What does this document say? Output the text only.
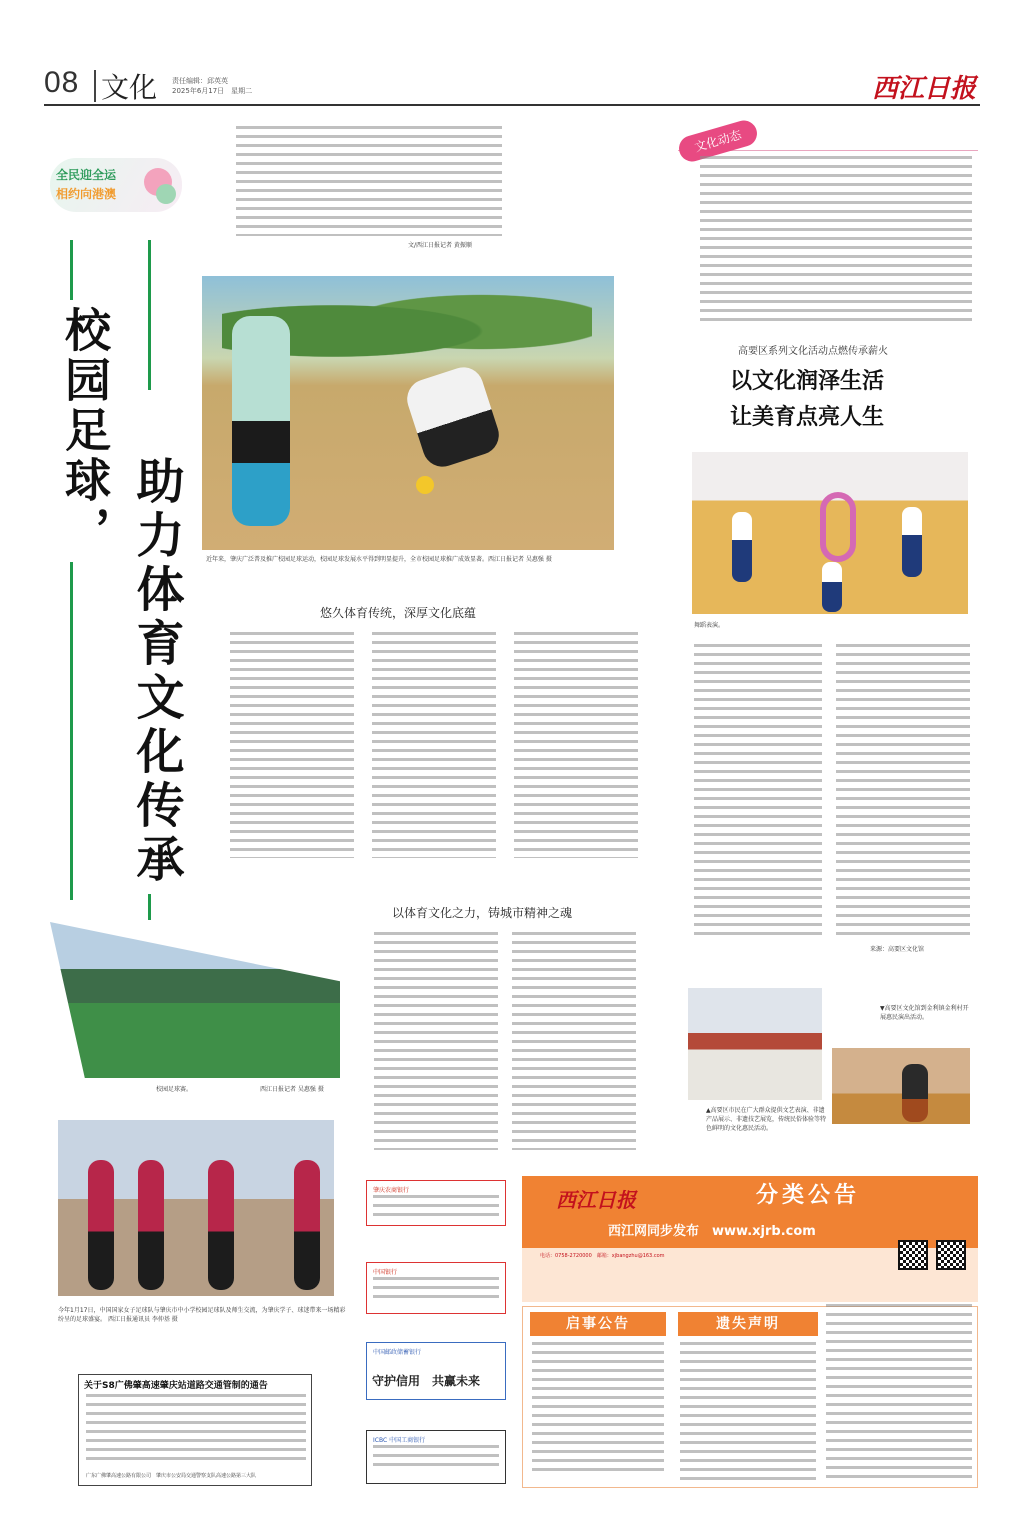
08 文化 责任编辑：邱英英
2025年6月17日　星期二	西江日报
全民迎全运
相约向港澳
校园足球，
助力体育文化传承
文/西江日报记者 黄振顺
近年来，肇庆广泛普及推广校园足球运动，校园足球发展水平得到明显提升，全市校园足球推广成效显著。西江日报记者 吴惠强 摄
悠久体育传统，深厚文化底蕴
以体育文化之力，铸城市精神之魂
校园足球赛。	西江日报记者 吴惠强 摄
今年1月17日，中国国家女子足球队与肇庆市中小学校园足球队及师生交流，为肇庆学子、球迷带来一场精彩纷呈的足球盛宴。 西江日报通讯员 李仲基 摄
关于S8广佛肇高速肇庆站道路交通管制的通告
广东广佛肇高速公路有限公司　肇庆市公安局交通警察支队高速公路第三大队
文化动态
高要区系列文化活动点燃传承薪火
以文化润泽生活
让美育点亮人生
舞蹈表演。
来源：高要区文化馆
▼高要区文化馆到金利镇金利村开展惠民演出活动。
▲高要区市民在广大群众提供文艺表演、非遗产品展示、非遗技艺展览，传统民俗体验等特色鲜明的文化惠民活动。
肇庆农商银行
中国银行
中国邮政储蓄银行
守护信用　共赢未来
ICBC 中国工商银行
西江日报	分类公告
西江网同步发布　www.xjrb.com
电话：0758-2720000　邮箱：xjbangzhu@163.com
启事公告	遗失声明
